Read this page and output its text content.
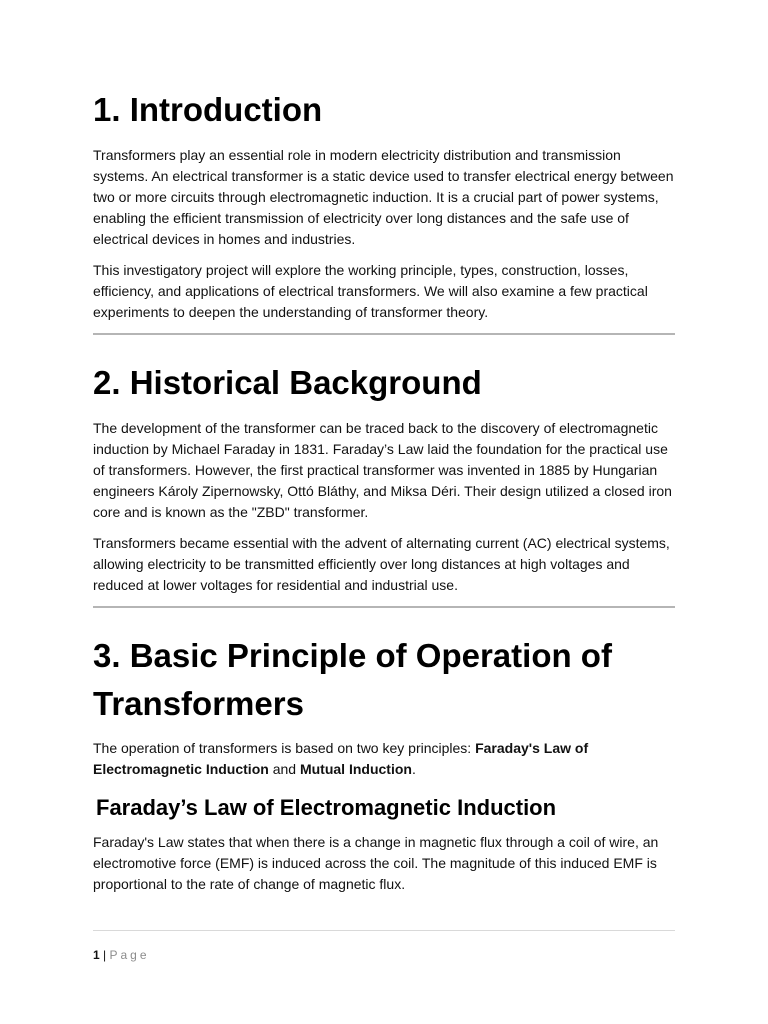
1. Introduction

Transformers play an essential role in modern electricity distribution and transmission systems. An electrical transformer is a static device used to transfer electrical energy between two or more circuits through electromagnetic induction. It is a crucial part of power systems, enabling the efficient transmission of electricity over long distances and the safe use of electrical devices in homes and industries.

This investigatory project will explore the working principle, types, construction, losses, efficiency, and applications of electrical transformers. We will also examine a few practical experiments to deepen the understanding of transformer theory.

2. Historical Background

The development of the transformer can be traced back to the discovery of electromagnetic induction by Michael Faraday in 1831. Faraday’s Law laid the foundation for the practical use of transformers. However, the first practical transformer was invented in 1885 by Hungarian engineers Károly Zipernowsky, Ottó Bláthy, and Miksa Déri. Their design utilized a closed iron core and is known as the "ZBD" transformer.

Transformers became essential with the advent of alternating current (AC) electrical systems, allowing electricity to be transmitted efficiently over long distances at high voltages and reduced at lower voltages for residential and industrial use.

3. Basic Principle of Operation of Transformers

The operation of transformers is based on two key principles: Faraday's Law of Electromagnetic Induction and Mutual Induction.

Faraday’s Law of Electromagnetic Induction

Faraday's Law states that when there is a change in magnetic flux through a coil of wire, an electromotive force (EMF) is induced across the coil. The magnitude of this induced EMF is proportional to the rate of change of magnetic flux.

1 | Page
